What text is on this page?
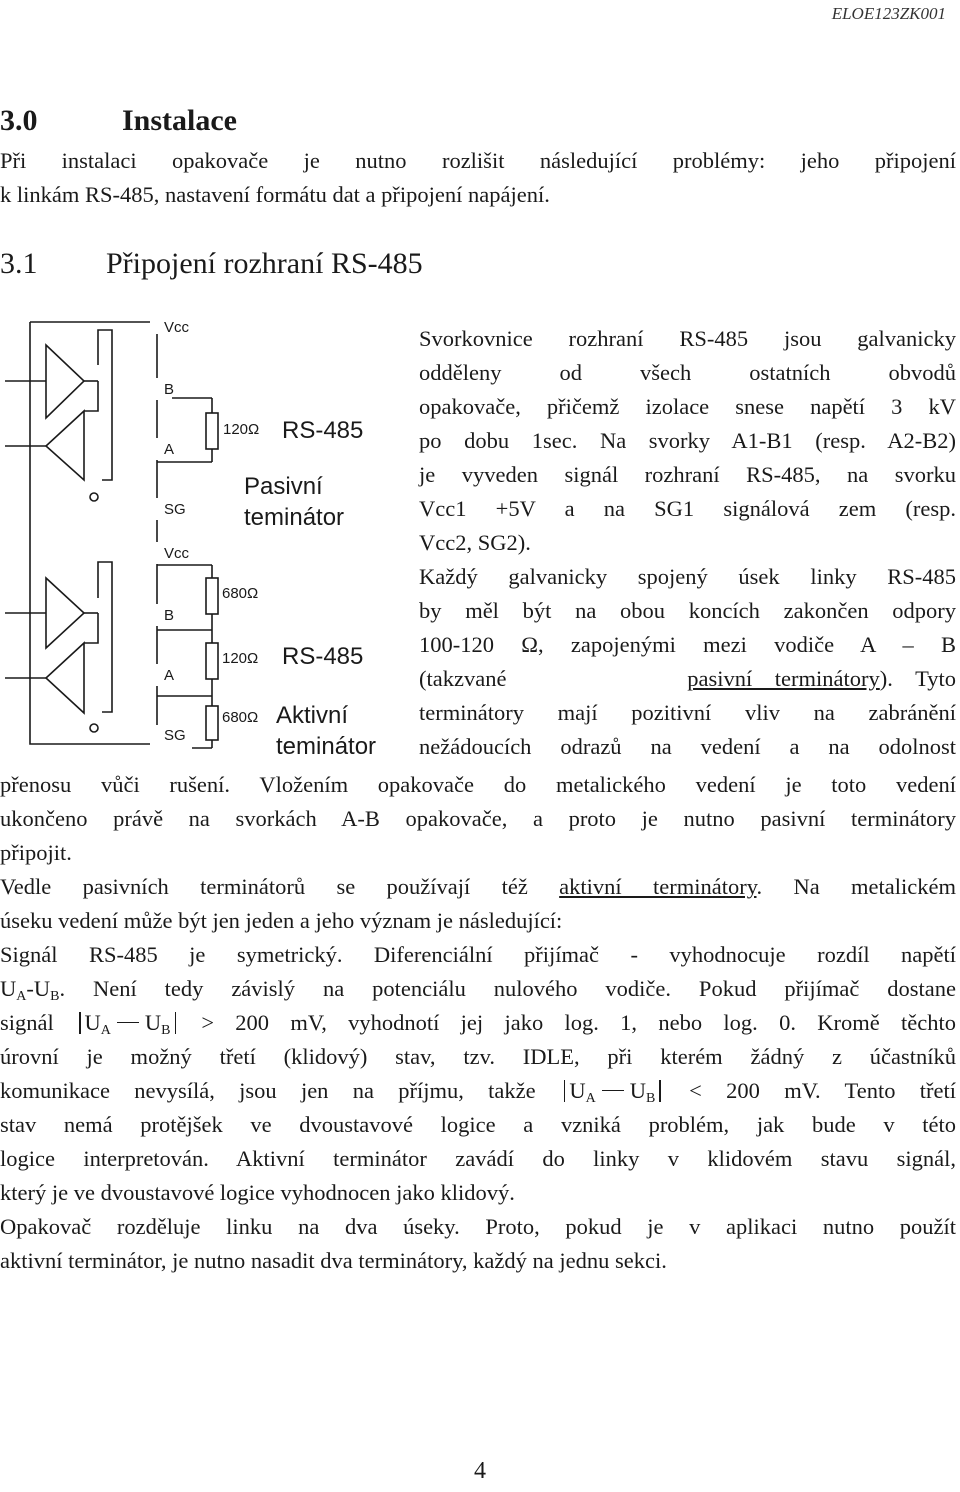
ELOE123ZK001
3.0	Instalace
Při instalaci opakovače je nutno rozlišit následující problémy: jeho připojení
k linkám RS-485, nastavení formátu dat a připojení napájení.
3.1 Připojení rozhraní RS-485
Vcc
B
A
SG
Vcc
B
A
SG
120Ω
680Ω
120Ω
680Ω
RS-485
Pasivní
teminátor
RS-485
Aktivní
teminátor
Svorkovnice rozhraní RS-485 jsou galvanicky
odděleny od všech ostatních obvodů
opakovače, přičemž izolace snese napětí 3 kV
po dobu 1sec. Na svorky A1-B1 (resp. A2-B2)
je vyveden signál rozhraní RS-485, na svorku
Vcc1 +5V a na SG1 signálová zem (resp.
Vcc2, SG2).
Každý galvanicky spojený úsek linky RS-485
by měl být na obou koncích zakončen odpory
100-120 Ω, zapojenými mezi vodiče A – B
(takzvané	pasivní terminátory). Tyto
terminátory mají pozitivní vliv na zabránění
nežádoucích odrazů na vedení a na odolnost
přenosu vůči rušení. Vložením opakovače do metalického vedení je toto vedení
ukončeno právě na svorkách A-B opakovače, a proto je nutno pasivní terminátory
připojit.
Vedle pasivních terminátorů se používají též aktivní terminátory. Na metalickém
úseku vedení může být jen jeden a jeho význam je následující:
Signál RS-485 je symetrický. Diferenciální přijímač - vyhodnocuje rozdíl napětí
$U_A-U_B$. Není tedy závislý na potenciálu nulového vodiče. Pokud přijímač dostane
signál $U_A$ $U_B > 200$ mV, vyhodnotí jej jako log. 1, nebo log. 0. Kromě těchto
úrovní je možný třetí (klidový) stav, tzv. IDLE, při kterém žádný z účastníků
komunikace nevysílá, jsou jen na příjmu, takže $U_A$ $U_B < 200$ mV. Tento třetí
stav nemá protějšek ve dvoustavové logice a vzniká problém, jak bude v této
logice interpretován. Aktivní terminátor zavádí do linky v klidovém stavu signál,
který je ve dvoustavové logice vyhodnocen jako klidový.
Opakovač rozděluje linku na dva úseky. Proto, pokud je v aplikaci nutno použít
aktivní terminátor, je nutno nasadit dva terminátory, každý na jednu sekci.
4
